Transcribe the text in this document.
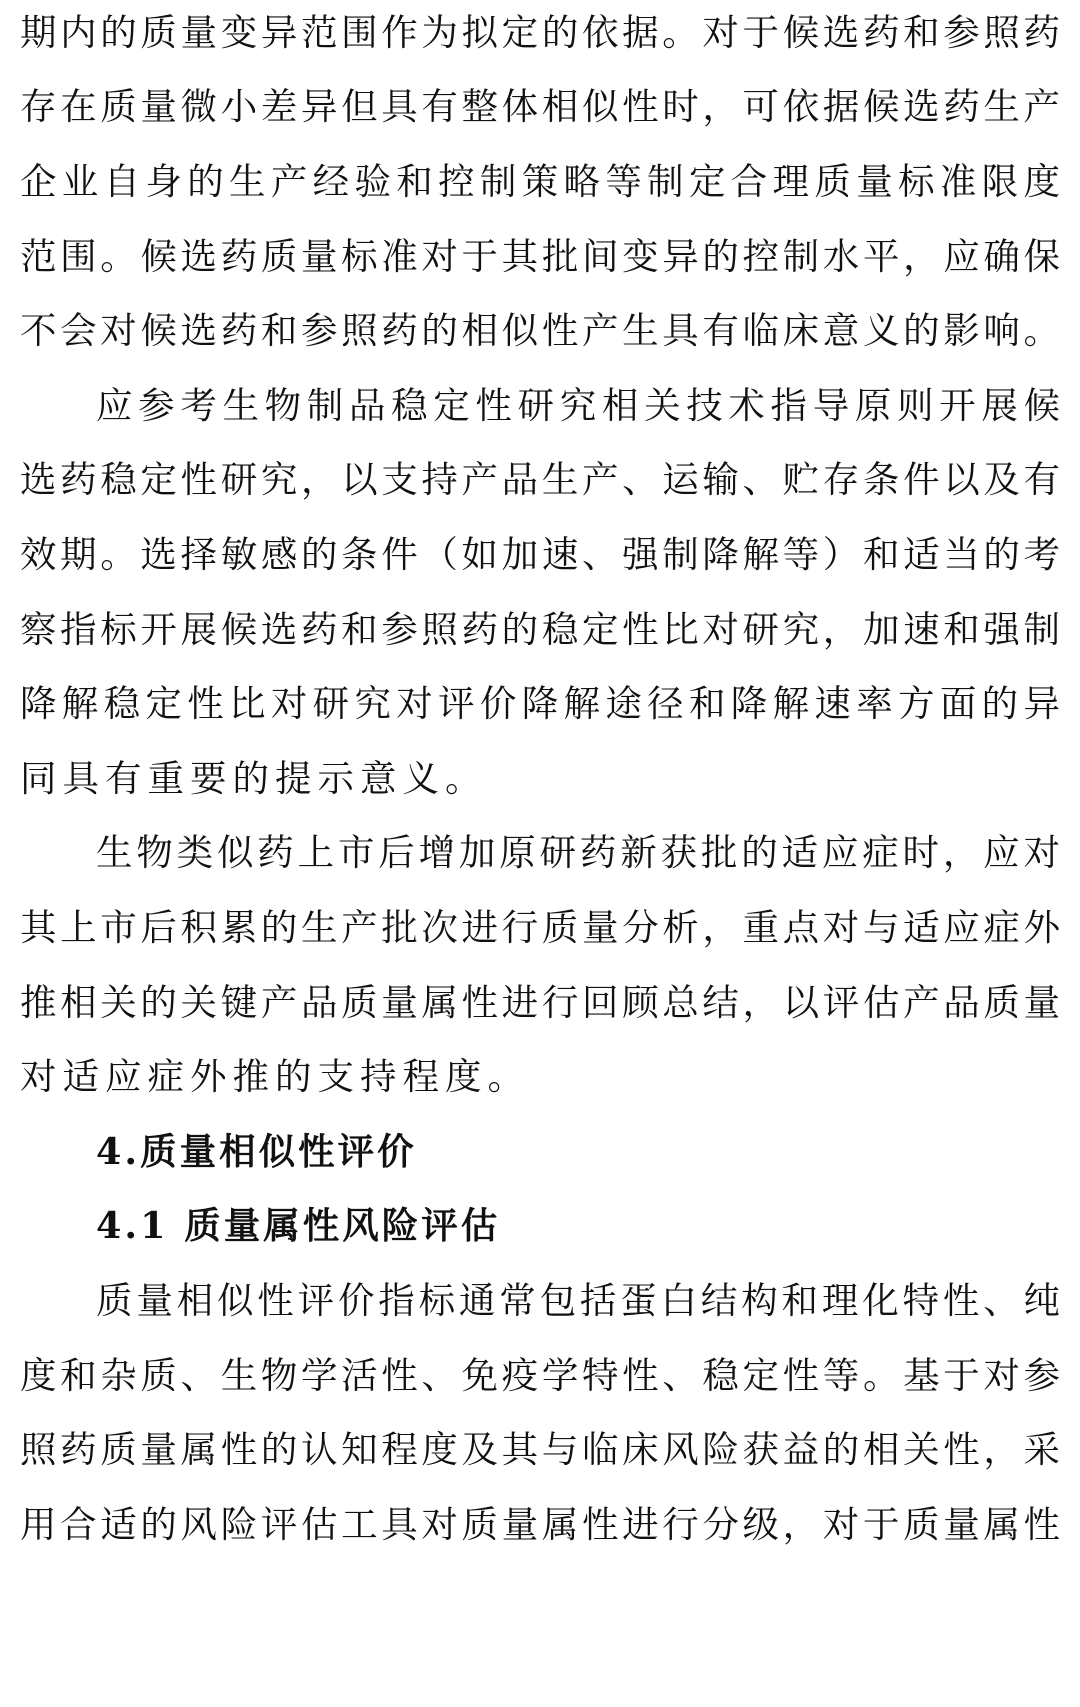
期内的质量变异范围作为拟定的依据。对于候选药和参照药

存在质量微小差异但具有整体相似性时，可依据候选药生产

企业自身的生产经验和控制策略等制定合理质量标准限度

范围。候选药质量标准对于其批间变异的控制水平，应确保

不会对候选药和参照药的相似性产生具有临床意义的影响。

应参考生物制品稳定性研究相关技术指导原则开展候

选药稳定性研究，以支持产品生产、运输、贮存条件以及有

效期。选择敏感的条件（如加速、强制降解等）和适当的考

察指标开展候选药和参照药的稳定性比对研究，加速和强制

降解稳定性比对研究对评价降解途径和降解速率方面的异

同具有重要的提示意义。

生物类似药上市后增加原研药新获批的适应症时，应对

其上市后积累的生产批次进行质量分析，重点对与适应症外

推相关的关键产品质量属性进行回顾总结，以评估产品质量

对适应症外推的支持程度。

4.质量相似性评价
4.1 质量属性风险评估

质量相似性评价指标通常包括蛋白结构和理化特性、纯

度和杂质、生物学活性、免疫学特性、稳定性等。基于对参

照药质量属性的认知程度及其与临床风险获益的相关性，采

用合适的风险评估工具对质量属性进行分级，对于质量属性
